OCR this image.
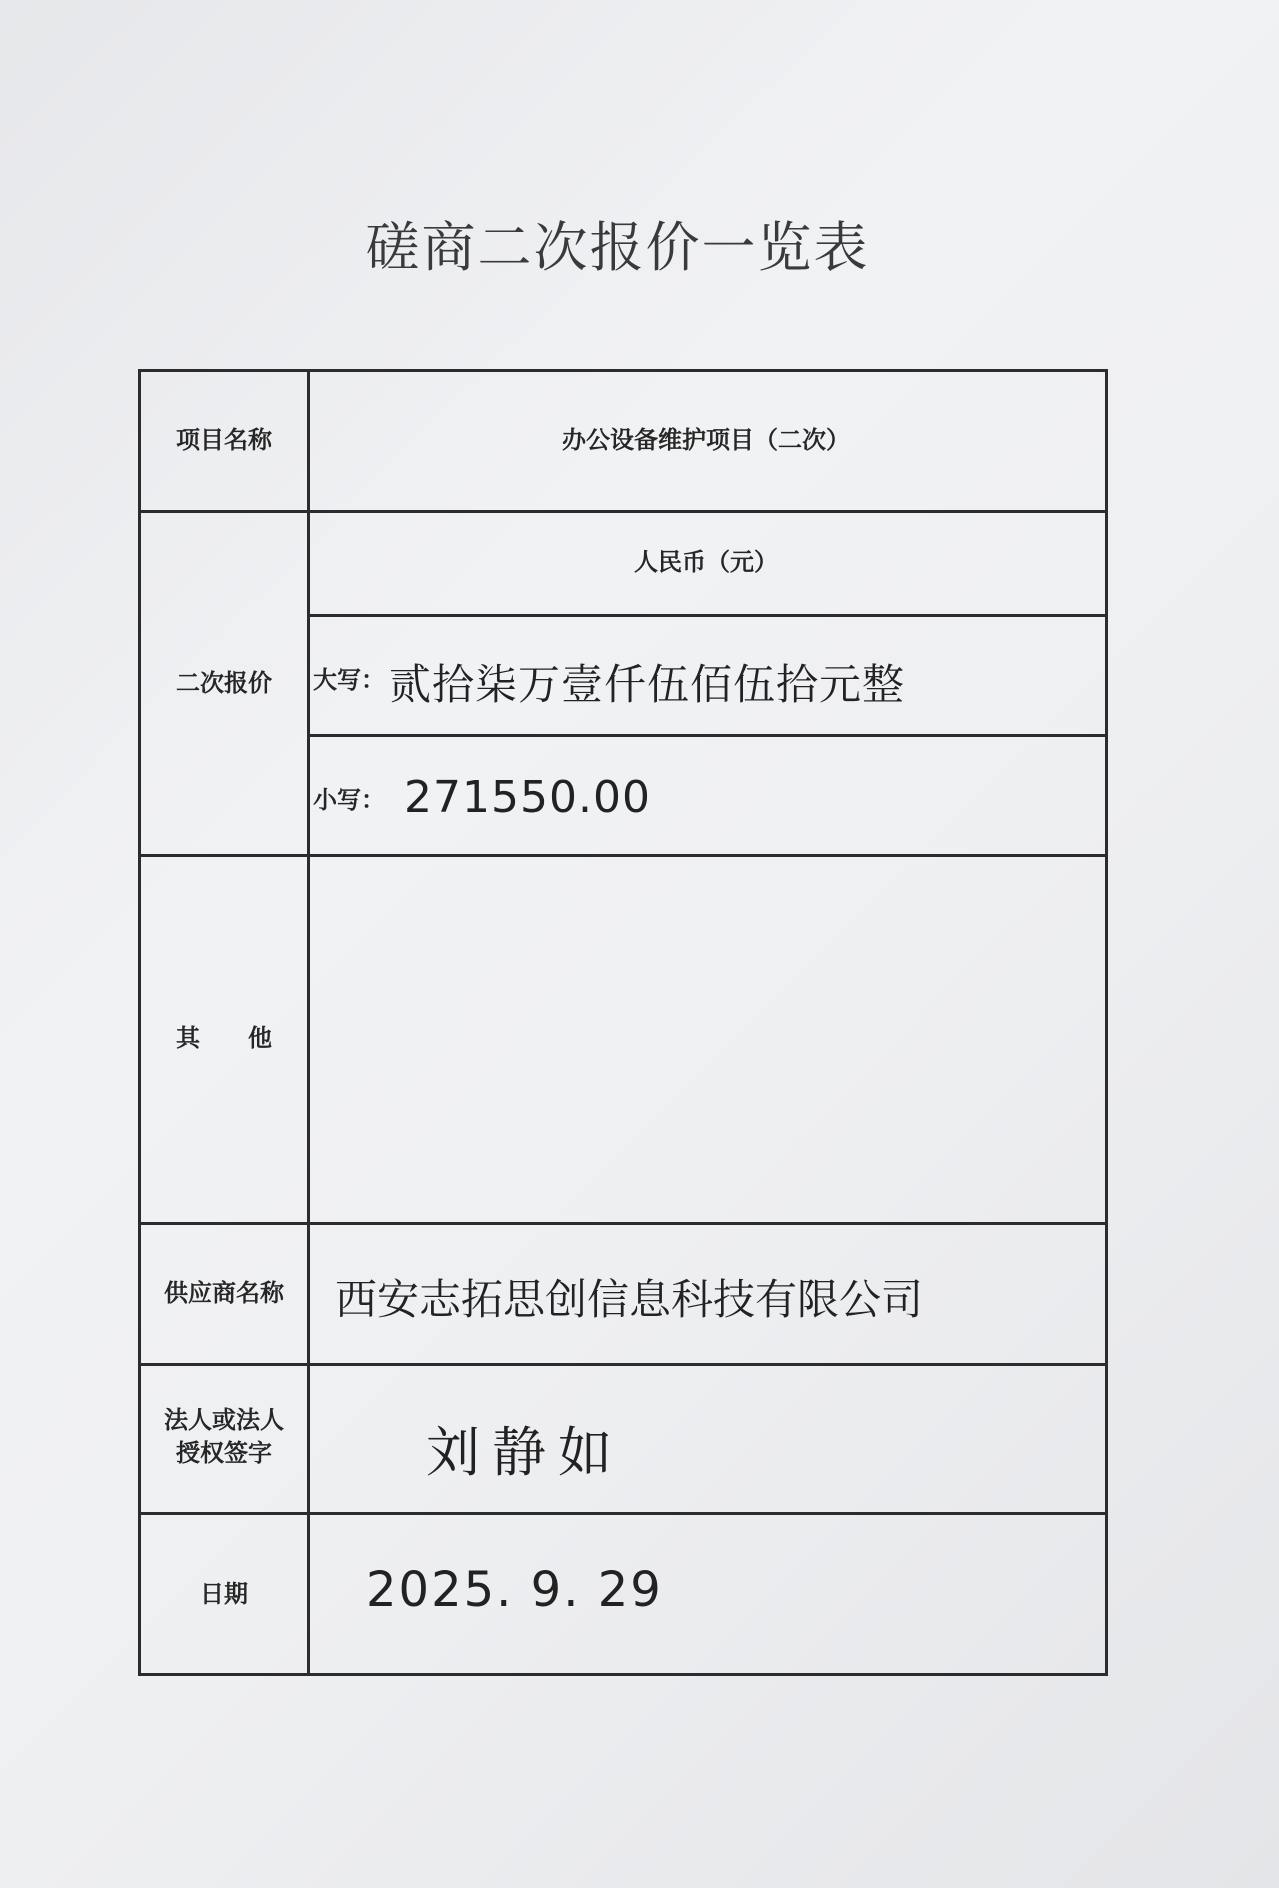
磋商二次报价一览表
项目名称	办公设备维护项目（二次）
二次报价
人民币（元）
大写： 贰拾柒万壹仟伍佰伍拾元整
小写： 271550.00
其　　他
供应商名称	西安志拓思创信息科技有限公司
法人或法人
授权签字	刘静如
日期	2025. 9. 29
